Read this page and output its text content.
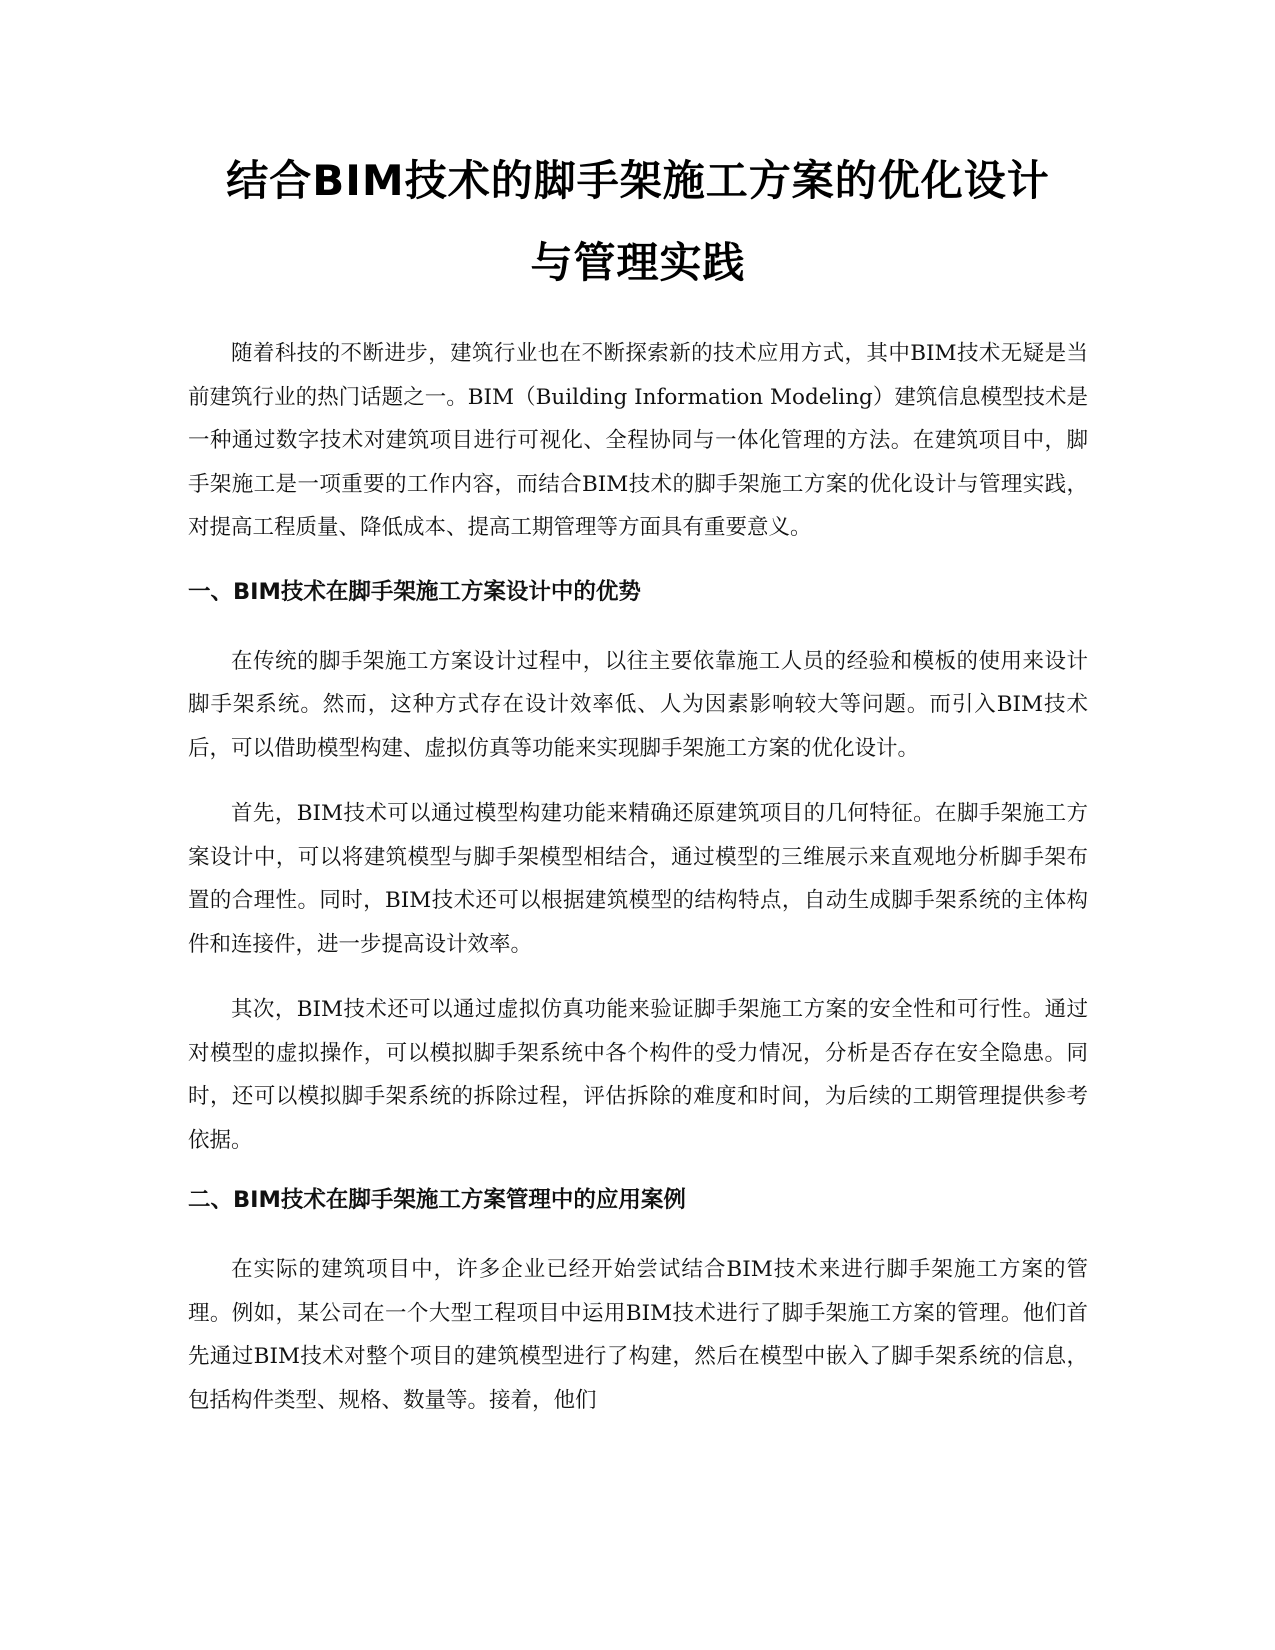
结合BIM技术的脚手架施工方案的优化设计
与管理实践

随着科技的不断进步，建筑行业也在不断探索新的技术应用方式，其中BIM技术无疑是当前建筑行业的热门话题之一。BIM（Building Information Modeling）建筑信息模型技术是一种通过数字技术对建筑项目进行可视化、全程协同与一体化管理的方法。在建筑项目中，脚手架施工是一项重要的工作内容，而结合BIM技术的脚手架施工方案的优化设计与管理实践，对提高工程质量、降低成本、提高工期管理等方面具有重要意义。

一、BIM技术在脚手架施工方案设计中的优势

在传统的脚手架施工方案设计过程中，以往主要依靠施工人员的经验和模板的使用来设计脚手架系统。然而，这种方式存在设计效率低、人为因素影响较大等问题。而引入BIM技术后，可以借助模型构建、虚拟仿真等功能来实现脚手架施工方案的优化设计。

首先，BIM技术可以通过模型构建功能来精确还原建筑项目的几何特征。在脚手架施工方案设计中，可以将建筑模型与脚手架模型相结合，通过模型的三维展示来直观地分析脚手架布置的合理性。同时，BIM技术还可以根据建筑模型的结构特点，自动生成脚手架系统的主体构件和连接件，进一步提高设计效率。

其次，BIM技术还可以通过虚拟仿真功能来验证脚手架施工方案的安全性和可行性。通过对模型的虚拟操作，可以模拟脚手架系统中各个构件的受力情况，分析是否存在安全隐患。同时，还可以模拟脚手架系统的拆除过程，评估拆除的难度和时间，为后续的工期管理提供参考依据。

二、BIM技术在脚手架施工方案管理中的应用案例

在实际的建筑项目中，许多企业已经开始尝试结合BIM技术来进行脚手架施工方案的管理。例如，某公司在一个大型工程项目中运用BIM技术进行了脚手架施工方案的管理。他们首先通过BIM技术对整个项目的建筑模型进行了构建，然后在模型中嵌入了脚手架系统的信息，包括构件类型、规格、数量等。接着，他们
